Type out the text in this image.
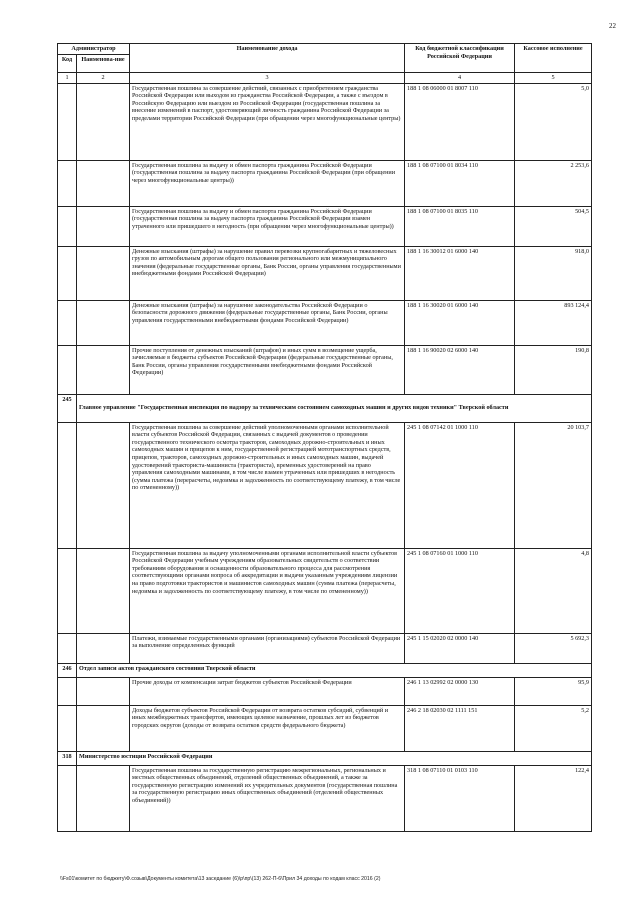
22
Администратор		Наименование дохода	Код бюджетной классификации Российской Федерации	Кассовое исполнение
Код	Наименова-ние			
1	2	3	4	5
		Государственная пошлина за совершение действий, связанных с приобретением гражданства Российской Федерации или выходом из гражданства Российской Федерации, а также с въездом в Российскую Федерацию или выездом из Российской Федерации (государственная пошлина за внесение изменений в паспорт, удостоверяющий личность гражданина Российской Федерации за пределами территории Российской Федерации (при обращении через многофункциональные центры)	188 1 08 06000 01 8007 110	5,0
		Государственная пошлина за выдачу и обмен паспорта гражданина Российской Федерации (государственная пошлина за выдачу паспорта гражданина Российской Федерации (при обращении через многофункциональные центры))	188 1 08 07100 01 8034 110	2 253,6
		Государственная пошлина за выдачу и обмен паспорта гражданина Российской Федерации (государственная пошлина за выдачу паспорта гражданина Российской Федерации взамен утраченного или пришедшего в негодность (при обращении через многофункциональные центры))	188 1 08 07100 01 8035 110	504,5
		Денежные взыскания (штрафы) за нарушение правил перевозки крупногабаритных и тяжеловесных грузов по автомобильным дорогам общего пользования регионального или межмуниципального значения (федеральные государственные органы, Банк России, органы управления государственными внебюджетными фондами Российской Федерации)	188 1 16 30012 01 6000 140	918,0
		Денежные взыскания (штрафы) за нарушение законодательства Российской Федерации о безопасности дорожного движения (федеральные государственные органы, Банк России, органы управления государственными внебюджетными фондами Российской Федерации)	188 1 16 30020 01 6000 140	893 124,4
		Прочие поступления от денежных взысканий (штрафов) и иных сумм в возмещение ущерба, зачисляемые в бюджеты субъектов Российской Федерации (федеральные государственные органы, Банк России, органы управления государственными внебюджетными фондами Российской Федерации)	188 1 16 90020 02 6000 140	190,8
245	Главное управление "Государственная инспекция по надзору за техническим состоянием самоходных машин и других видов техники" Тверской области			
		Государственная пошлина за совершение действий уполномоченными органами исполнительной власти субъектов Российской Федерации, связанных с выдачей документов о проведении государственного технического осмотра тракторов, самоходных дорожно-строительных и иных самоходных машин и прицепов к ним, государственной регистрацией мототранспортных средств, прицепов, тракторов, самоходных дорожно-строительных и иных самоходных машин, выдачей удостоверений тракториста-машиниста (тракториста), временных удостоверений на право управления самоходными машинами, в том числе взамен утраченных или пришедших в негодность (сумма платежа (перерасчеты, недоимка и задолженность по соответствующему платежу, в том числе по отмененному))	245 1 08 07142 01 1000 110	20 103,7
		Государственная пошлина за выдачу уполномоченными органами исполнительной власти субъектов Российской Федерации учебным учреждениям образовательных свидетельств о соответствии требованиям оборудования и оснащенности образовательного процесса для рассмотрения соответствующими органами вопроса об аккредитации и выдачи указанным учреждениям лицензии на право подготовки трактористов и машинистов самоходных машин (сумма платежа (перерасчеты, недоимка и задолженность по соответствующему платежу, в том числе по отмененному))	245 1 08 07160 01 1000 110	4,8
		Платежи, взимаемые государственными органами (организациями) субъектов Российской Федерации за выполнение определенных функций	245 1 15 02020 02 0000 140	5 692,3
246	Отдел записи актов гражданского состояния Тверской области			
		Прочие доходы от компенсации затрат бюджетов субъектов Российской Федерации	246 1 13 02992 02 0000 130	95,9
		Доходы бюджетов субъектов Российской Федерации от возврата остатков субсидий, субвенций и иных межбюджетных трансфертов, имеющих целевое назначение, прошлых лет из бюджетов городских округов (доходы от возврата остатков средств федерального бюджета)	246 2 18 02030 02 1111 151	5,2
318	Министерство юстиции Российской Федерации			
		Государственная пошлина за государственную регистрацию межрегиональных, региональных и местных общественных объединений, отделений общественных объединений, а также за государственную регистрацию изменений их учредительных документов (государственная пошлина за государственную регистрацию иных общественных объединений (отделений общественных объединений))	318 1 08 07110 01 0103 110	122,4
\\Fs01\комитет по бюджету\Ф.созыв\Документы комитета\13 заседание (6)\р\пр\(13) 262-П-6\Прил 34 доходы по кодам класс 2016 (2)
